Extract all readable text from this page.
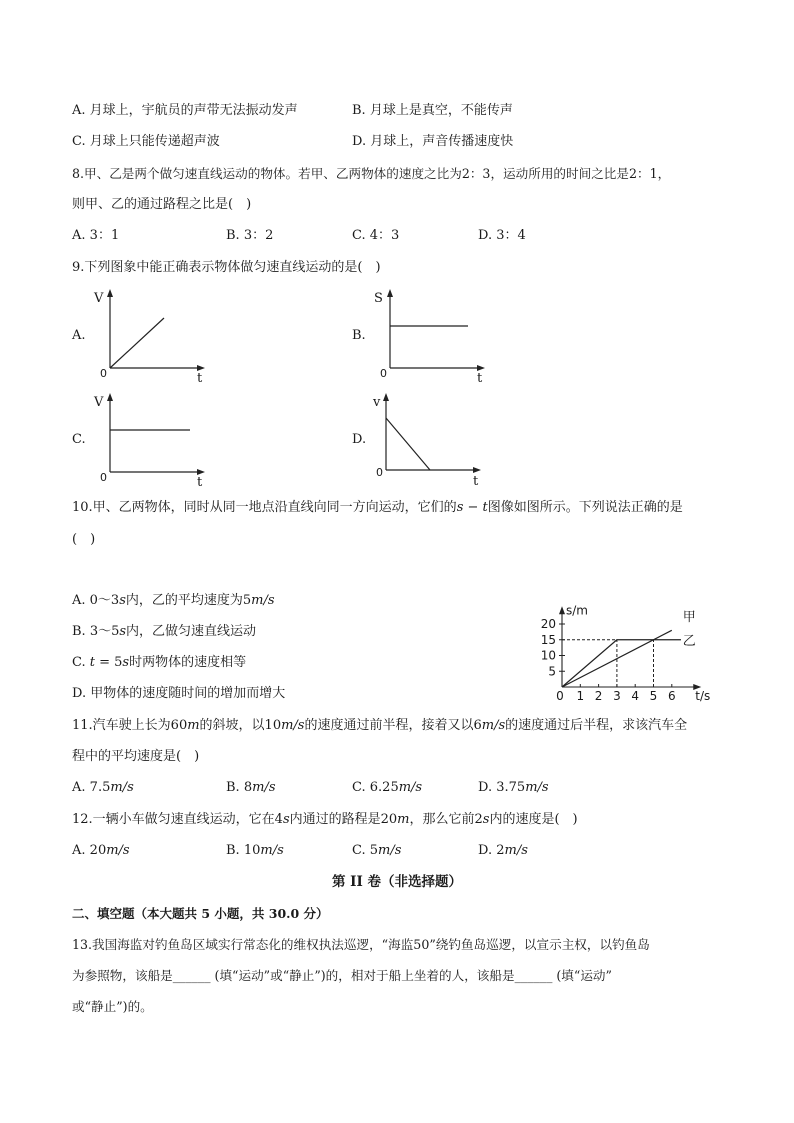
A. 月球上，宇航员的声带无法振动发声	B. 月球上是真空，不能传声
C. 月球上只能传递超声波	D. 月球上，声音传播速度快
8.甲、乙是两个做匀速直线运动的物体。若甲、乙两物体的速度之比为2：3，运动所用的时间之比是2：1，
则甲、乙的通过路程之比是(　)
A. 3：1	B. 3：2	C. 4：3	D. 3：4
9.下列图象中能正确表示物体做匀速直线运动的是(　)
A.
V
0	t
B.
S
0	t
C.
V
0	t
D.
v
0
t
10.甲、乙两物体，同时从同一地点沿直线向同一方向运动，它们的s − t图像如图所示。下列说法正确的是
(　)
A. 0～3s内，乙的平均速度为5m/s
B. 3～5s内，乙做匀速直线运动
C. t = 5s时两物体的速度相等
D. 甲物体的速度随时间的增加而增大
5
10
15
20
0 1 2 3 4 5 6
s/m
t/s
甲
乙
11.汽车驶上长为60m的斜坡，以10m/s的速度通过前半程，接着又以6m/s的速度通过后半程，求该汽车全
程中的平均速度是(　)
A. 7.5m/s	B. 8m/s	C. 6.25m/s	D. 3.75m/s
12.一辆小车做匀速直线运动，它在4s内通过的路程是20m，那么它前2s内的速度是(　)
A. 20m/s	B. 10m/s	C. 5m/s	D. 2m/s
第 II 卷（非选择题）
二、填空题（本大题共 5 小题，共 30.0 分）
13.我国海监对钓鱼岛区域实行常态化的维权执法巡逻，“海监50”绕钓鱼岛巡逻，以宣示主权，以钓鱼岛
为参照物，该船是______ (填“运动”或“静止”)的，相对于船上坐着的人，该船是______ (填“运动”
或“静止”)的。
